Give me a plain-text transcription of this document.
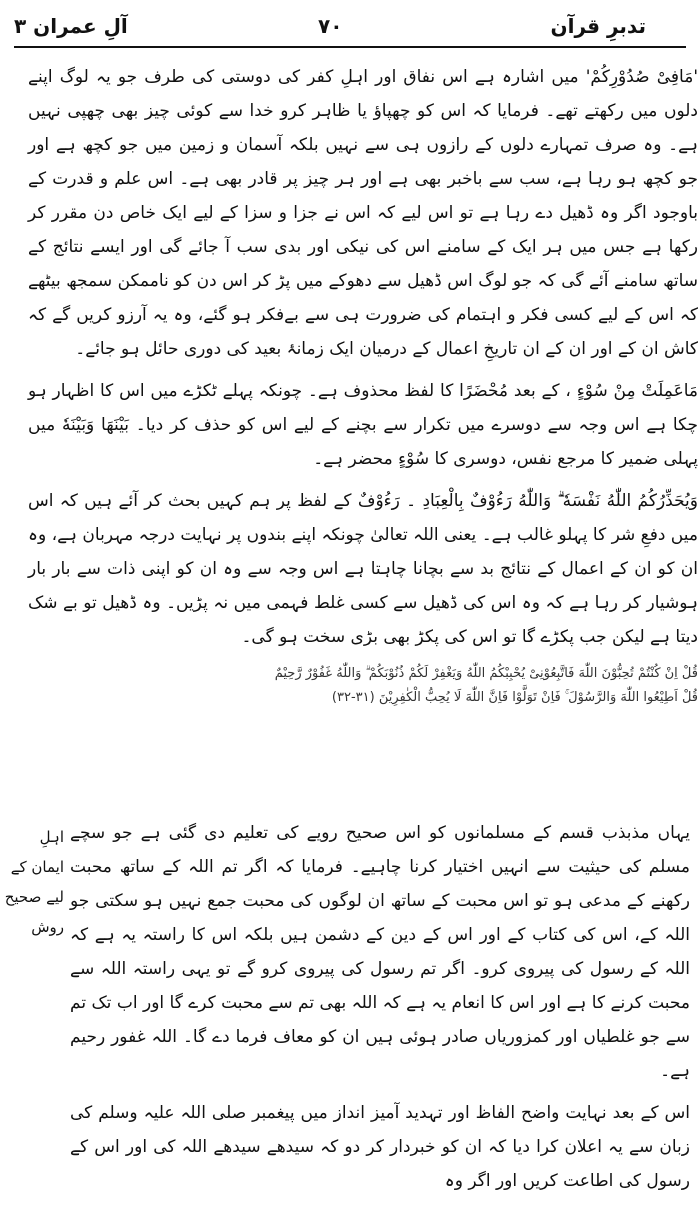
تدبرِ قرآن
۷۰
آلِ عمران ۳

'مَافِیْ صُدُوْرِكُمْ' میں اشارہ ہے اس نفاق اور اہلِ کفر کی دوستی کی طرف جو یہ لوگ اپنے دلوں میں رکھتے تھے۔ فرمایا کہ اس کو چھپاؤ یا ظاہر کرو خدا سے کوئی چیز بھی چھپی نہیں ہے۔ وہ صرف تمہارے دلوں کے رازوں ہی سے نہیں بلکہ آسمان و زمین میں جو کچھ ہے اور جو کچھ ہو رہا ہے، سب سے باخبر بھی ہے اور ہر چیز پر قادر بھی ہے۔ اس علم و قدرت کے باوجود اگر وہ ڈھیل دے رہا ہے تو اس لیے کہ اس نے جزا و سزا کے لیے ایک خاص دن مقرر کر رکھا ہے جس میں ہر ایک کے سامنے اس کی نیکی اور بدی سب آ جائے گی اور ایسے نتائج کے ساتھ سامنے آئے گی کہ جو لوگ اس ڈھیل سے دھوکے میں پڑ کر اس دن کو ناممکن سمجھ بیٹھے کہ اس کے لیے کسی فکر و اہتمام کی ضرورت ہی سے بےفکر ہو گئے، وہ یہ آرزو کریں گے کہ کاش ان کے اور ان کے ان تاریخِ اعمال کے درمیان ایک زمانۂ بعید کی دوری حائل ہو جائے۔

مَاعَمِلَتْ مِنْ سُوْءٍ ، کے بعد مُحْضَرًا کا لفظ محذوف ہے۔ چونکہ پہلے ٹکڑے میں اس کا اظہار ہو چکا ہے اس وجہ سے دوسرے میں تکرار سے بچنے کے لیے اس کو حذف کر دیا۔ بَیْنَهَا وَبَیْنَهٗ میں پہلی ضمیر کا مرجع نفس، دوسری کا سُوْءٍ محضر ہے۔

وَیُحَذِّرُكُمُ اللّٰهُ نَفْسَهٗ ۗ وَاللّٰهُ رَءُوْفٌ بِالْعِبَادِ ۔ رَءُوْفٌ کے لفظ پر ہم کہیں بحث کر آئے ہیں کہ اس میں دفعِ شر کا پہلو غالب ہے۔ یعنی اللہ تعالیٰ چونکہ اپنے بندوں پر نہایت درجہ مہربان ہے، وہ ان کو ان کے اعمال کے نتائج بد سے بچانا چاہتا ہے اس وجہ سے وہ ان کو اپنی ذات سے بار بار ہوشیار کر رہا ہے کہ وہ اس کی ڈھیل سے کسی غلط فہمی میں نہ پڑیں۔ وہ ڈھیل تو بے شک دیتا ہے لیکن جب پکڑے گا تو اس کی پکڑ بھی بڑی سخت ہو گی۔

قُلْ اِنْ كُنْتُمْ تُحِبُّوْنَ اللّٰهَ فَاتَّبِعُوْنِیْ یُحْبِبْكُمُ اللّٰهُ وَیَغْفِرْ لَكُمْ ذُنُوْبَكُمْ ۗ وَاللّٰهُ غَفُوْرٌ رَّحِیْمٌ
قُلْ اَطِیْعُوا اللّٰهَ وَالرَّسُوْلَ ۚ فَاِنْ تَوَلَّوْا فَاِنَّ اللّٰهَ لَا یُحِبُّ الْكٰفِرِیْنَ (۳۱-۳۲)
اہلِ ایمان کے لیے صحیح روش

یہاں مذبذب قسم کے مسلمانوں کو اس صحیح رویے کی تعلیم دی گئی ہے جو سچے مسلم کی حیثیت سے انہیں اختیار کرنا چاہیے۔ فرمایا کہ اگر تم اللہ کے ساتھ محبت رکھنے کے مدعی ہو تو اس محبت کے ساتھ ان لوگوں کی محبت جمع نہیں ہو سکتی جو اللہ کے، اس کی کتاب کے اور اس کے دین کے دشمن ہیں بلکہ اس کا راستہ یہ ہے کہ اللہ کے رسول کی پیروی کرو۔ اگر تم رسول کی پیروی کرو گے تو یہی راستہ اللہ سے محبت کرنے کا ہے اور اس کا انعام یہ ہے کہ اللہ بھی تم سے محبت کرے گا اور اب تک تم سے جو غلطیاں اور کمزوریاں صادر ہوئی ہیں ان کو معاف فرما دے گا۔ اللہ غفور رحیم ہے۔

اس کے بعد نہایت واضح الفاظ اور تہدید آمیز انداز میں پیغمبر صلی اللہ علیہ وسلم کی زبان سے یہ اعلان کرا دیا کہ ان کو خبردار کر دو کہ سیدھے سیدھے اللہ کی اور اس کے رسول کی اطاعت کریں اور اگر وہ
